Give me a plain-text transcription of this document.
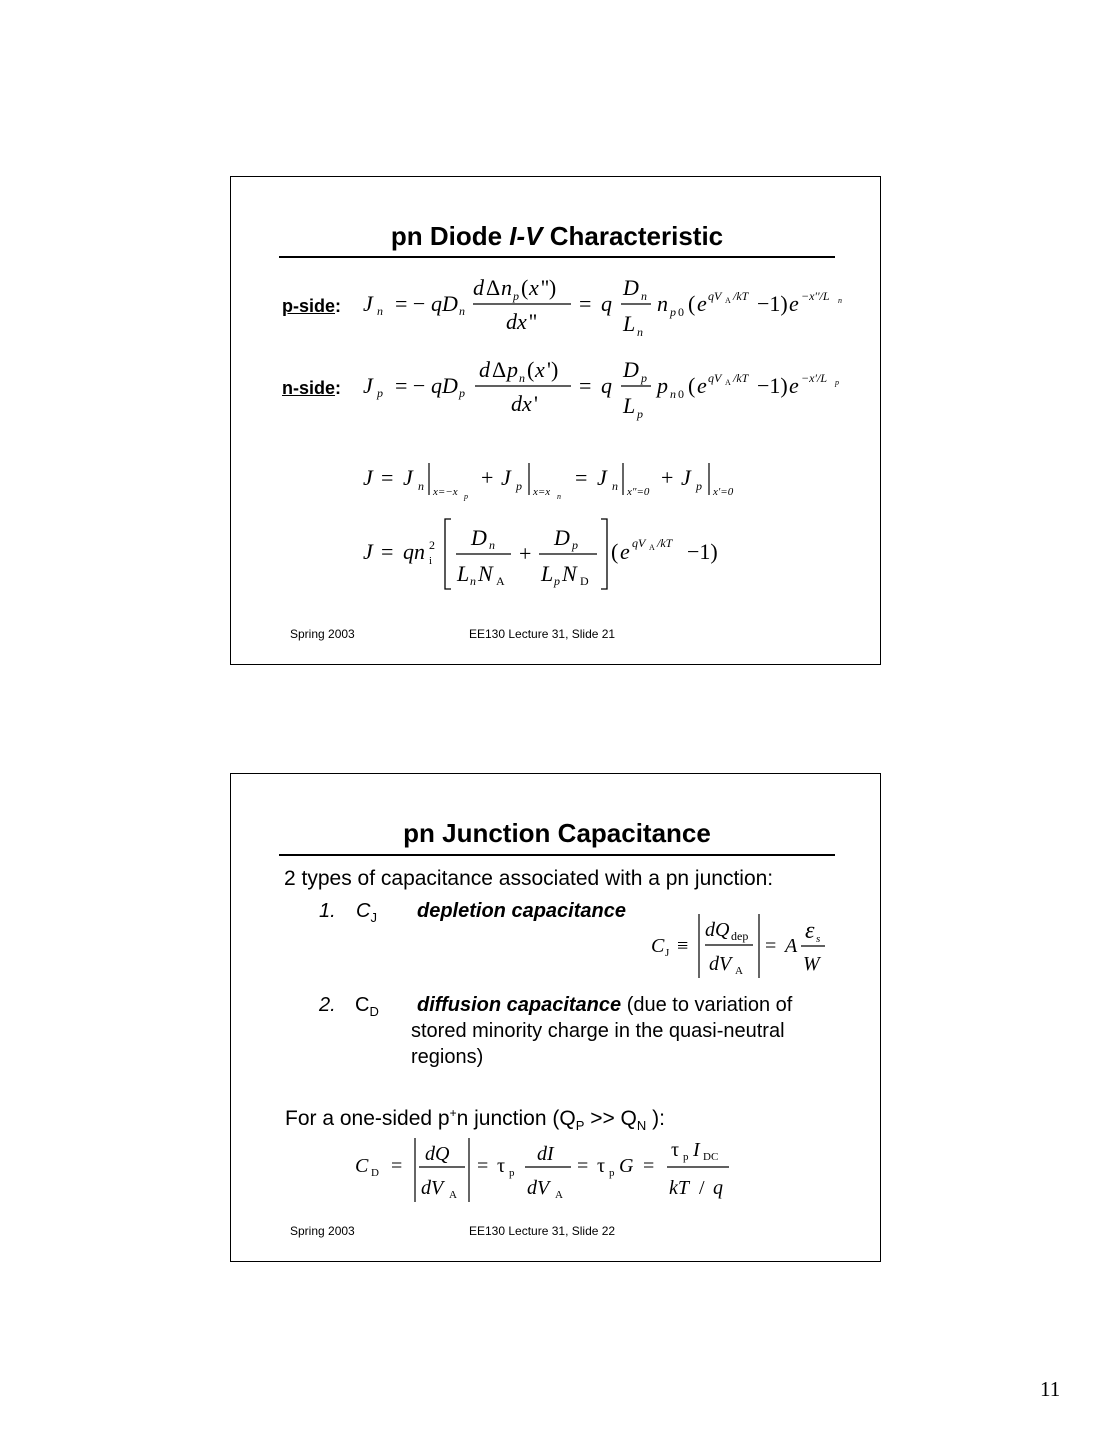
pn Diode I-V Characteristic
p-side:
n-side:
J n = − qD n
d Δ n p ( x '')
dx ''
= q
D n
L n
n p 0 ( e qV A /kT −1) e −x''/L n
J p = − qD p
d Δ p n ( x ')
dx '
= q
D p
L p
p n 0 ( e qV A /kT −1) e −x'/L p
J = J n x=−x p
+ J p x=x n
= J n x″=0
+ J p x′=0
J = qn 2
i
D n
L n N A
+
D p
L p N D
( e qV A /kT −1)
Spring 2003	EE130 Lecture 31, Slide 21
pn Junction Capacitance
2 types of capacitance associated with a pn junction:
1. $C_J$ depletion capacitance
C J ≡
dQ dep
dV A
= A
ε s
W
2. $C_D$ diffusion capacitance (due to variation of
stored minority charge in the quasi-neutral
regions)
For a one-sided p+n junction ($Q_P >> Q_N$ ):
C D =
dQ
dV A
= τ p
dI
dV A
= τ p G =
τ p I DC
kT / q
Spring 2003	EE130 Lecture 31, Slide 22
11
